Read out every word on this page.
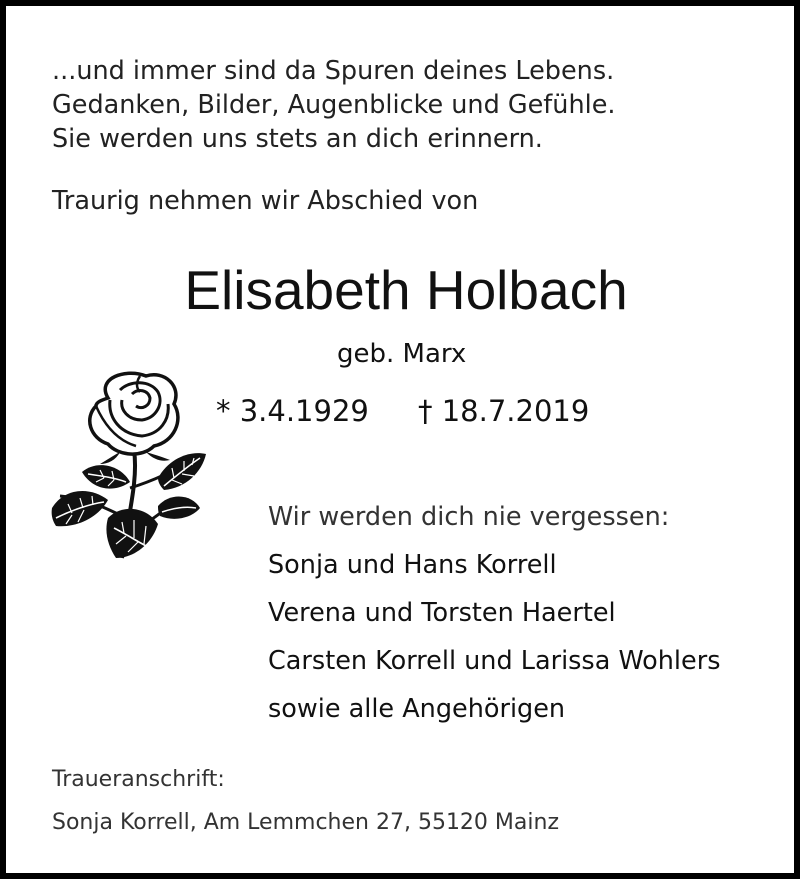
...und immer sind da Spuren deines Lebens.
Gedanken, Bilder, Augenblicke und Gefühle.
Sie werden uns stets an dich erinnern.
Traurig nehmen wir Abschied von
Elisabeth Holbach
geb. Marx
* 3.4.1929 † 18.7.2019
Wir werden dich nie vergessen:
Sonja und Hans Korrell
Verena und Torsten Haertel
Carsten Korrell und Larissa Wohlers
sowie alle Angehörigen
Traueranschrift:
Sonja Korrell, Am Lemmchen 27, 55120 Mainz
